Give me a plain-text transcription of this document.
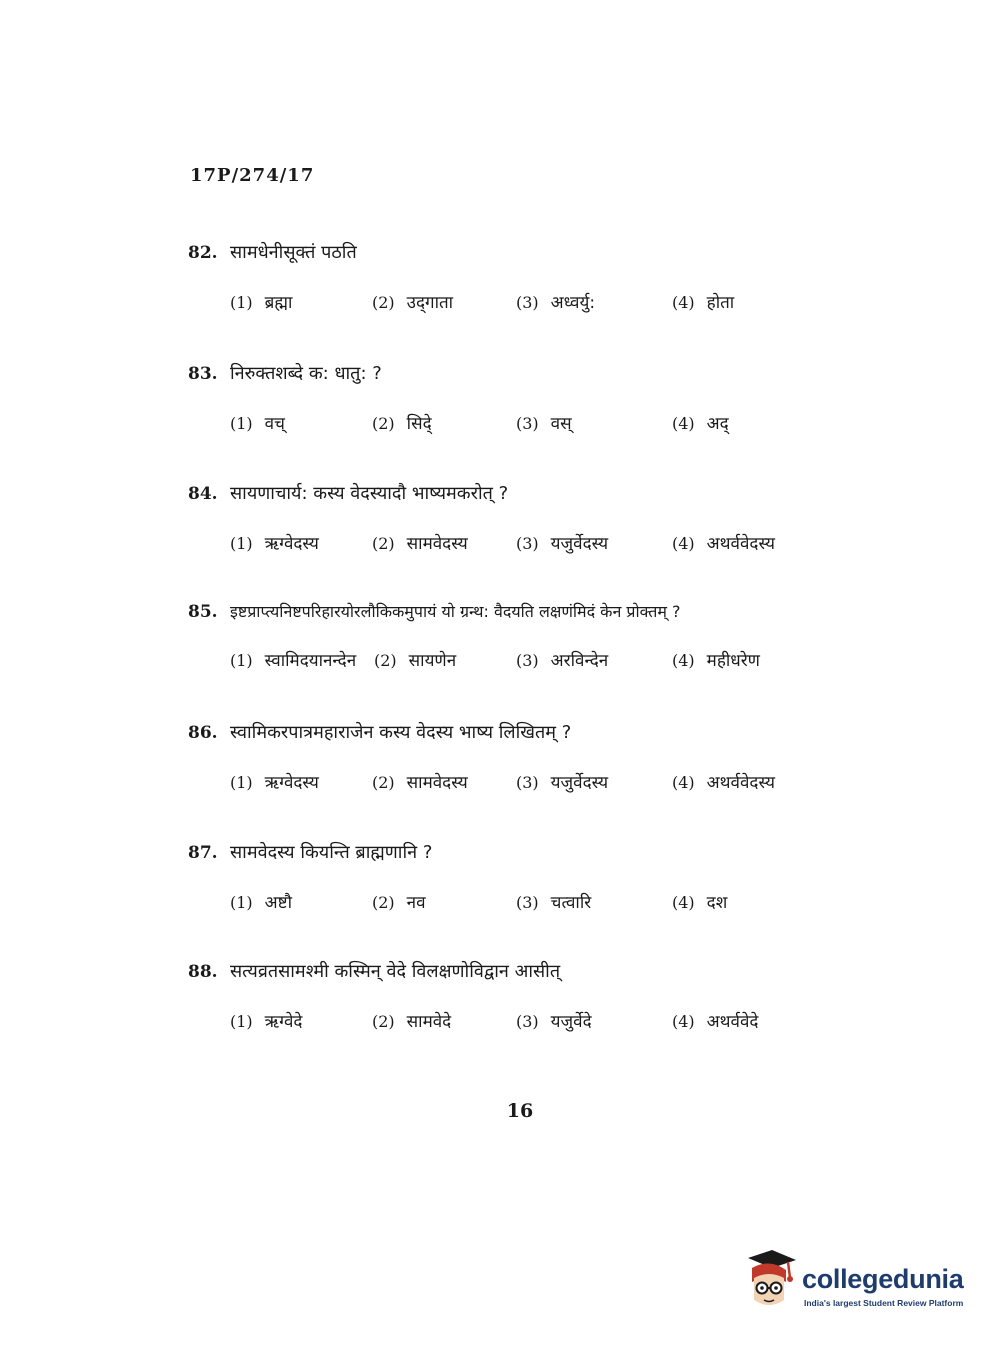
17P/274/17
82. सामधेनीसूक्तं पठति
(1) ब्रह्मा	(2) उद्‌गाता	(3) अध्वर्यु:	(4) होता
83. निरुक्तशब्दे क: धातु: ?
(1) वच्	(2) सिदे्	(3) वस्	(4) अद्
84. सायणाचार्य: कस्य वेदस्यादौ भाष्यमकरोत् ?
(1) ऋग्वेदस्य	(2) सामवेदस्य	(3) यजुर्वेदस्य	(4) अथर्ववेदस्य
85. इष्टप्राप्त्यनिष्टपरिहारयोरलौकिकमुपायं यो ग्रन्थ: वैदयति लक्षणंमिदं केन प्रोक्तम् ?
(1) स्वामिदयानन्देन (2) सायणेन	(3) अरविन्देन	(4) महीधरेण
86. स्वामिकरपात्रमहाराजेन कस्य वेदस्य भाष्य लिखितम् ?
(1) ऋग्वेदस्य	(2) सामवेदस्य	(3) यजुर्वेदस्य	(4) अथर्ववेदस्य
87. सामवेदस्य कियन्ति ब्राह्मणानि ?
(1) अष्टौ	(2) नव	(3) चत्वारि	(4) दश
88. सत्यव्रतसामश्मी कस्मिन् वेदे विलक्षणोविद्वान आसीत्
(1) ऋग्वेदे	(2) सामवेदे	(3) यजुर्वेदे	(4) अथर्ववेदे
16
collegedunia
India's largest Student Review Platform
